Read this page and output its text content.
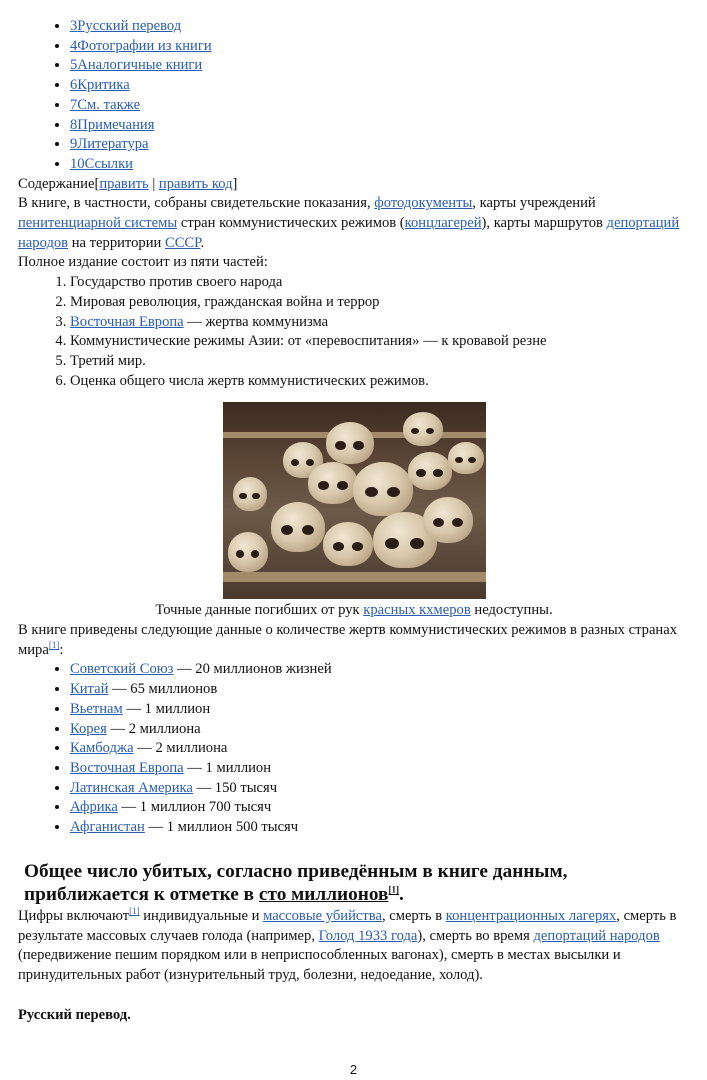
• 3Русский перевод
• 4Фотографии из книги
• 5Аналогичные книги
• 6Критика
• 7См. также
• 8Примечания
• 9Литература
• 10Ссылки

Содержание[править | править код]

В книге, в частности, собраны свидетельские показания, фотодокументы, карты учреждений пенитенциарной системы стран коммунистических режимов (концлагерей), карты маршрутов депортаций народов на территории СССР.

Полное издание состоит из пяти частей:

1. Государство против своего народа
2. Мировая революция, гражданская война и террор
3. Восточная Европа — жертва коммунизма
4. Коммунистические режимы Азии: от «перевоспитания» — к кровавой резне
5. Третий мир.
6. Оценка общего числа жертв коммунистических режимов.
Точные данные погибших от рук красных кхмеров недоступны.

В книге приведены следующие данные о количестве жертв коммунистических режимов в разных странах мира[1]:

• Советский Союз — 20 миллионов жизней
• Китай — 65 миллионов
• Вьетнам — 1 миллион
• Корея — 2 миллиона
• Камбоджа — 2 миллиона
• Восточная Европа — 1 миллион
• Латинская Америка — 150 тысяч
• Африка — 1 миллион 700 тысяч
• Афганистан — 1 миллион 500 тысяч
Общее число убитых, согласно приведённым в книге данным, приближается к отметке в сто миллионов[1].

Цифры включают[1] индивидуальные и массовые убийства, смерть в концентрационных лагерях, смерть в результате массовых случаев голода (например, Голод 1933 года), смерть во время депортаций народов (передвижение пешим порядком или в неприспособленных вагонах), смерть в местах высылки и принудительных работ (изнурительный труд, болезни, недоедание, холод).

Русский перевод.

2
